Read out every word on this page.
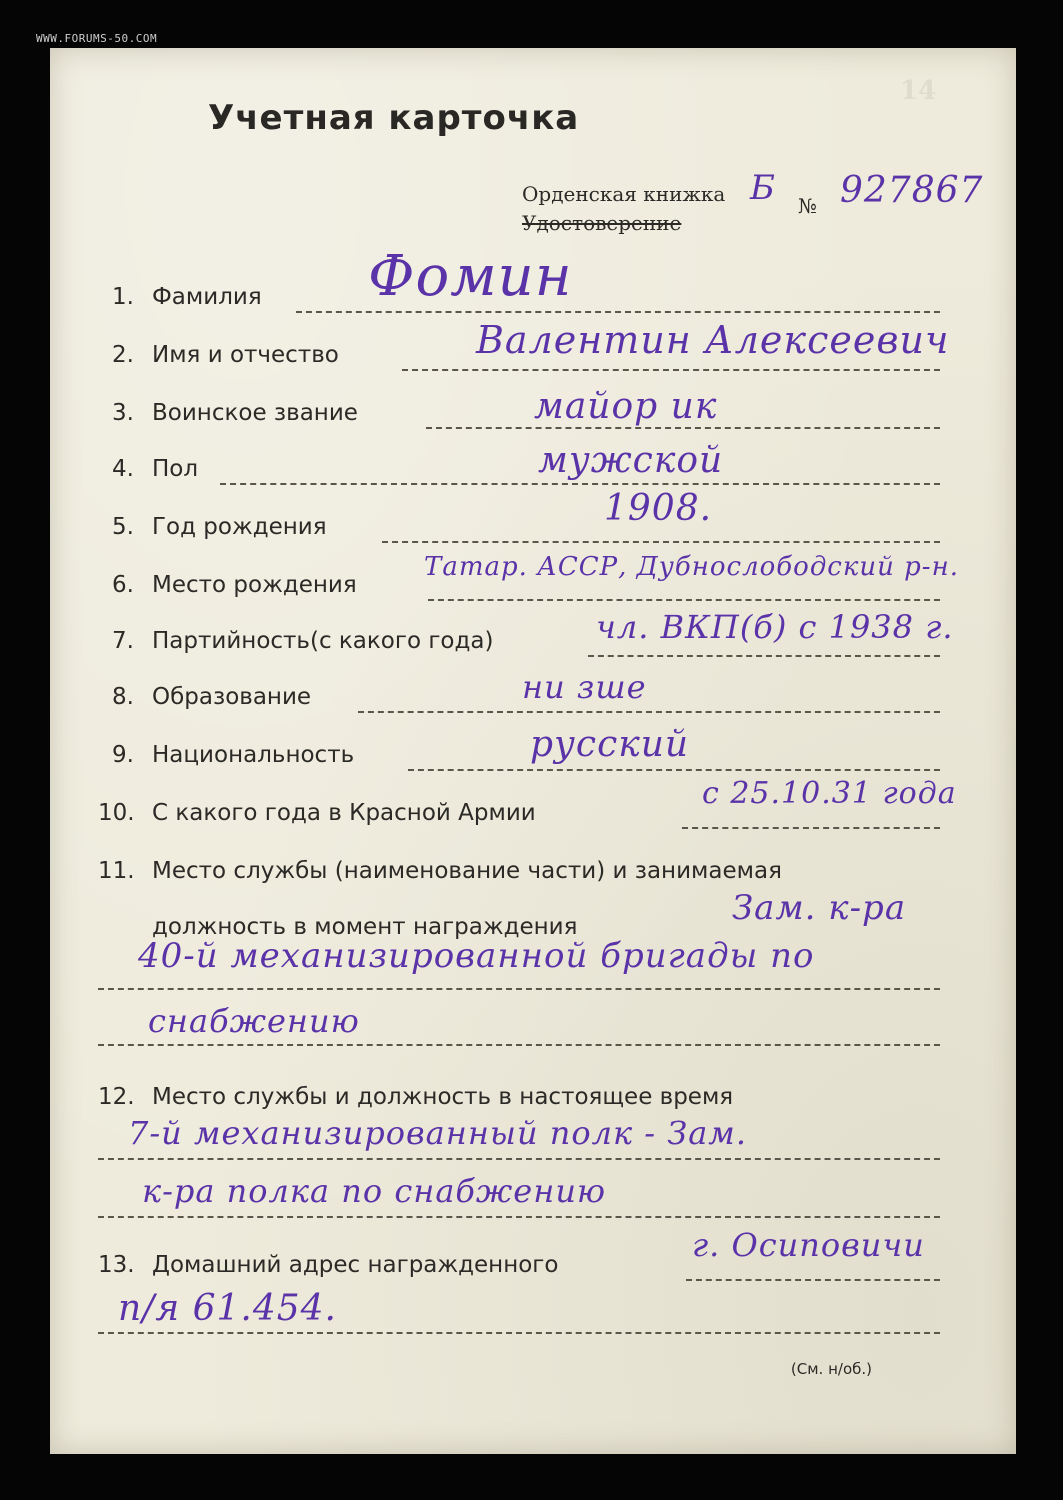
WWW.FORUMS-50.COM
14
Учетная карточка
Орденская книжка
Удостоверение
№
Б 927867
1. Фамилия Фомин
2. Имя и отчество	Валентин Алексеевич
3. Воинское звание	майор ик
4. Пол	мужской
5. Год рождения	1908.
6. Место рождения
Татар. АССР, Дубнослободский р-н.
7. Партийность(с какого года)	чл. ВКП(б) с 1938 г.
8. Образование	ни зше
9. Национальность	русский
10. С какого года в Красной Армии
с 25.10.31 года
11. Место службы (наименование части) и занимаемая
должность в момент награждения	Зам. к-ра
40-й механизированной бригады по
снабжению
12. Место службы и должность в настоящее время
7-й механизированный полк - Зам.
к-ра полка по снабжению
13. Домашний адрес награжденного
г. Осиповичи
п/я 61.454.
(См. н/об.)
